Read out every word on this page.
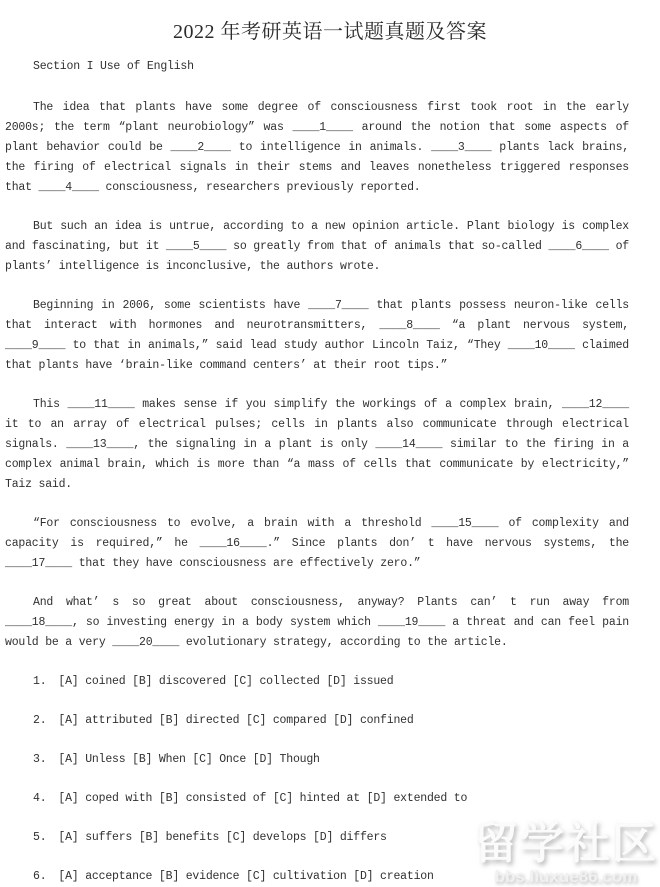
2022 年考研英语一试题真题及答案
Section I Use of English

The idea that plants have some degree of consciousness first took root in the early 2000s; the term “plant neurobiology” was ____1____ around the notion that some aspects of plant behavior could be ____2____ to intelligence in animals. ____3____ plants lack brains, the firing of electrical signals in their stems and leaves nonetheless triggered responses that ____4____ consciousness, researchers previously reported.

But such an idea is untrue, according to a new opinion article. Plant biology is complex and fascinating, but it ____5____ so greatly from that of animals that so-called ____6____ of plants’ intelligence is inconclusive, the authors wrote.

Beginning in 2006, some scientists have ____7____ that plants possess neuron-like cells that interact with hormones and neurotransmitters, ____8____ “a plant nervous system, ____9____ to that in animals,” said lead study author Lincoln Taiz, “They ____10____ claimed that plants have ‘brain-like command centers’ at their root tips.”

This ____11____ makes sense if you simplify the workings of a complex brain, ____12____ it to an array of electrical pulses; cells in plants also communicate through electrical signals. ____13____, the signaling in a plant is only ____14____ similar to the firing in a complex animal brain, which is more than “a mass of cells that communicate by electricity,” Taiz said.

“For consciousness to evolve, a brain with a threshold ____15____ of complexity and capacity is required,” he ____16____.” Since plants don’ t have nervous systems, the ____17____ that they have consciousness are effectively zero.”

And what’ s so great about consciousness, anyway? Plants can’ t run away from ____18____, so investing energy in a body system which ____19____ a threat and can feel pain would be a very ____20____ evolutionary strategy, according to the article.

1. [A] coined [B] discovered [C] collected [D] issued
2. [A] attributed [B] directed [C] compared [D] confined
3. [A] Unless [B] When [C] Once [D] Though
4. [A] coped with [B] consisted of [C] hinted at [D] extended to
5. [A] suffers [B] benefits [C] develops [D] differs
6. [A] acceptance [B] evidence [C] cultivation [D] creation
留学社区
bbs.liuxue86.com
